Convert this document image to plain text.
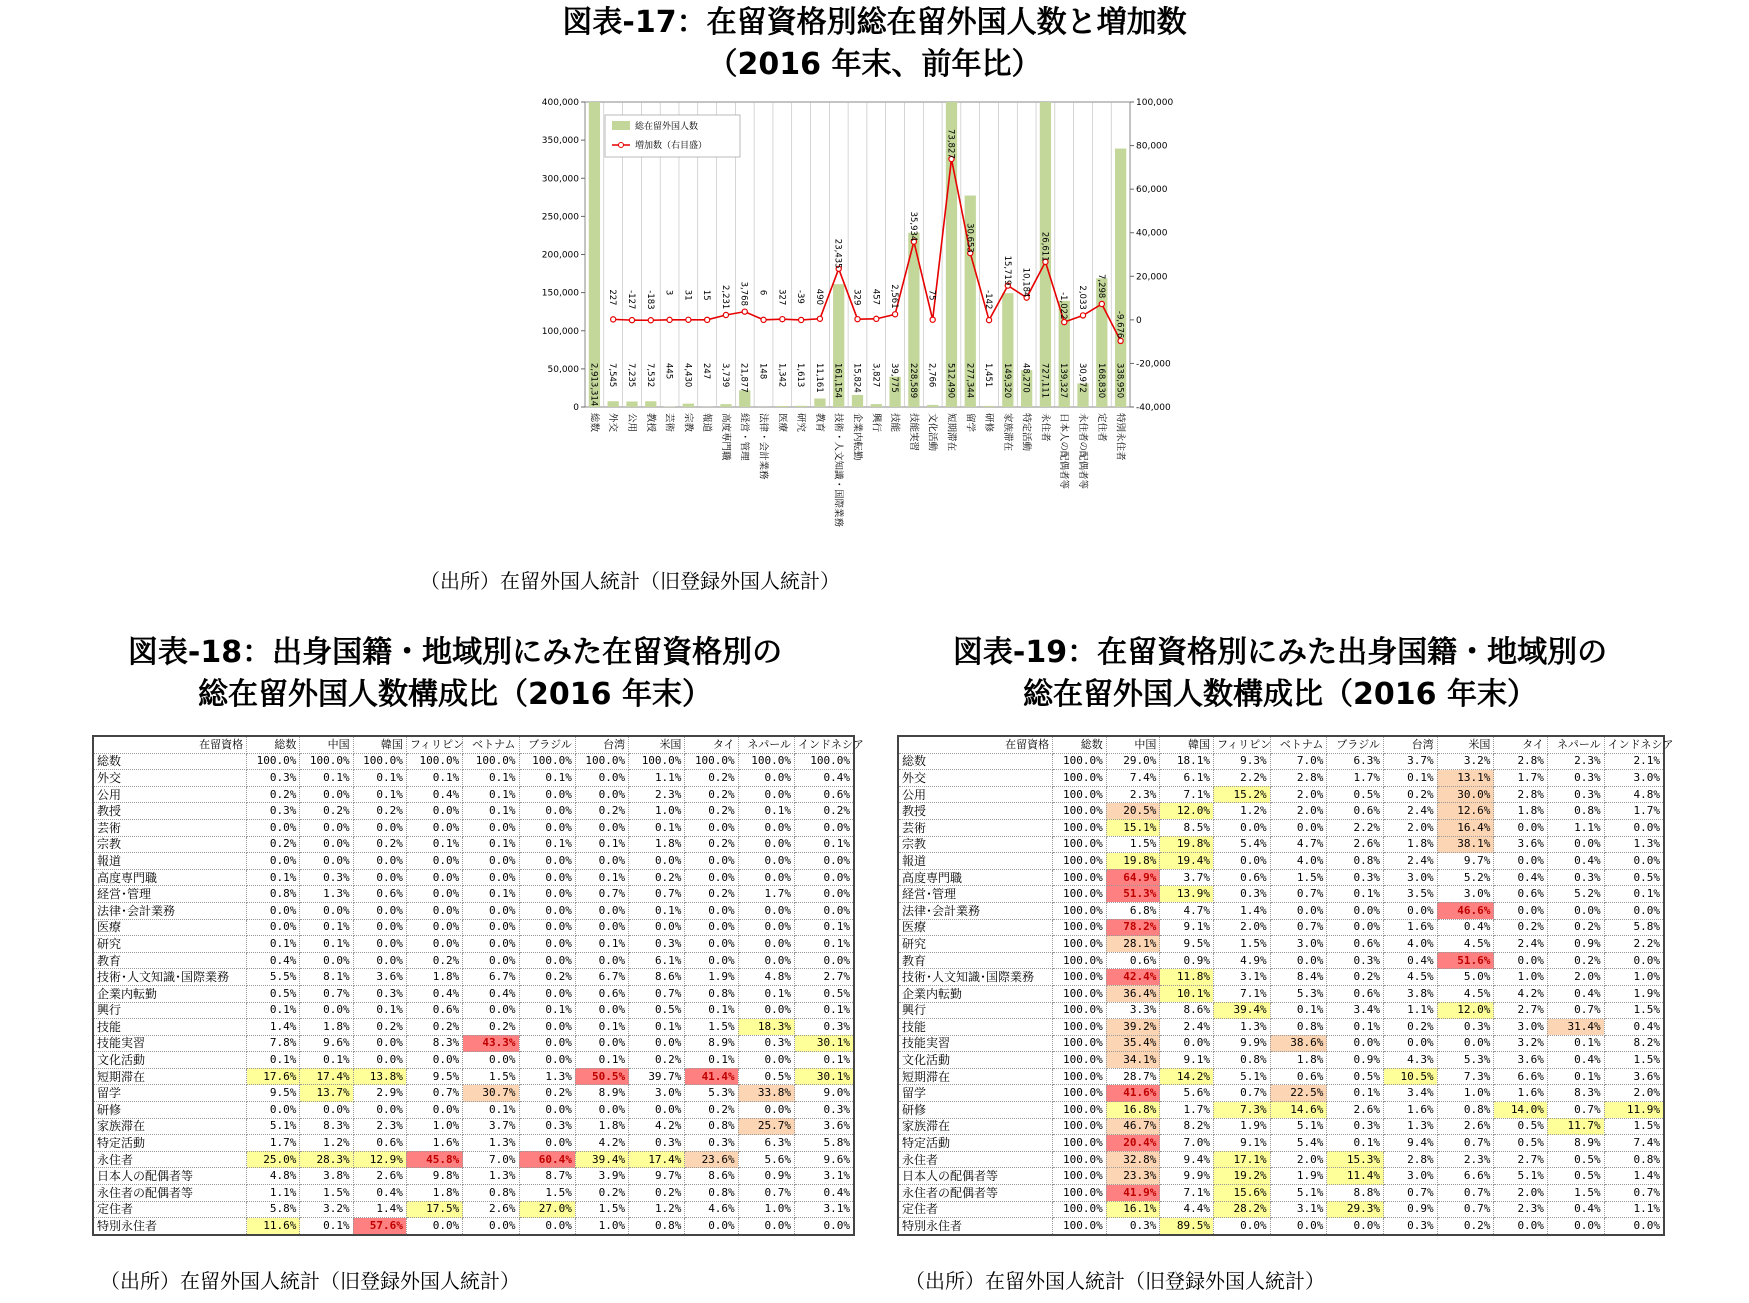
図表-17：在留資格別総在留外国人数と増加数
（2016 年末、前年比）
0
50,000
100,000
150,000
200,000
250,000
300,000
350,000
400,000
-40,000
-20,000
0
20,000
40,000
60,000
80,000
100,000
2,913,314 7,545 7,235 7,532 445 4,430 247 3,739 21,877 148 1,342 1,613 11,161 161,154 15,824 3,827 39,775 228,589 2,766 512,490 277,344 1,451 149,320 48,270 727,111 139,327 30,972 168,830 338,950
227 -127 -183 3 31 15 2,231 3,768 6 327 -39 490
23,435
329 457 2,561
35,934
75
73,827
30,653
-142
15,719 10,184
26,611
-1,022 2,033 7,298
-9,676
総数 外交 公用 教授 芸術 宗教 報道 高度専門職 経営・管理 法律・会計業務 医療 研究 教育 技術・人文知識・国際業務 企業内転勤 興行 技能 技能実習 文化活動 短期滞在 留学 研修 家族滞在 特定活動 永住者 日本人の配偶者等 永住者の配偶者等 定住者 特別永住者
総在留外国人数
増加数（右目盛）
（出所）在留外国人統計（旧登録外国人統計）
図表-18：出身国籍・地域別にみた在留資格別の
総在留外国人数構成比（2016 年末）
図表-19：在留資格別にみた出身国籍・地域別の
総在留外国人数構成比（2016 年末）
在留資格	総数	中国	韓国	フィリピン	ベトナム	ブラジル	台湾	米国	タイ	ネパール	インドネシア
総数	100.0%	100.0%	100.0%	100.0%	100.0%	100.0%	100.0%	100.0%	100.0%	100.0%	100.0%
外交	0.3%	0.1%	0.1%	0.1%	0.1%	0.1%	0.0%	1.1%	0.2%	0.0%	0.4%
公用	0.2%	0.0%	0.1%	0.4%	0.1%	0.0%	0.0%	2.3%	0.2%	0.0%	0.6%
教授	0.3%	0.2%	0.2%	0.0%	0.1%	0.0%	0.2%	1.0%	0.2%	0.1%	0.2%
芸術	0.0%	0.0%	0.0%	0.0%	0.0%	0.0%	0.0%	0.1%	0.0%	0.0%	0.0%
宗教	0.2%	0.0%	0.2%	0.1%	0.1%	0.1%	0.1%	1.8%	0.2%	0.0%	0.1%
報道	0.0%	0.0%	0.0%	0.0%	0.0%	0.0%	0.0%	0.0%	0.0%	0.0%	0.0%
高度専門職	0.1%	0.3%	0.0%	0.0%	0.0%	0.0%	0.1%	0.2%	0.0%	0.0%	0.0%
経営･管理	0.8%	1.3%	0.6%	0.0%	0.1%	0.0%	0.7%	0.7%	0.2%	1.7%	0.0%
法律･会計業務	0.0%	0.0%	0.0%	0.0%	0.0%	0.0%	0.0%	0.1%	0.0%	0.0%	0.0%
医療	0.0%	0.1%	0.0%	0.0%	0.0%	0.0%	0.0%	0.0%	0.0%	0.0%	0.1%
研究	0.1%	0.1%	0.0%	0.0%	0.0%	0.0%	0.1%	0.3%	0.0%	0.0%	0.1%
教育	0.4%	0.0%	0.0%	0.2%	0.0%	0.0%	0.0%	6.1%	0.0%	0.0%	0.0%
技術･人文知識･国際業務	5.5%	8.1%	3.6%	1.8%	6.7%	0.2%	6.7%	8.6%	1.9%	4.8%	2.7%
企業内転勤	0.5%	0.7%	0.3%	0.4%	0.4%	0.0%	0.6%	0.7%	0.8%	0.1%	0.5%
興行	0.1%	0.0%	0.1%	0.6%	0.0%	0.1%	0.0%	0.5%	0.1%	0.0%	0.1%
技能	1.4%	1.8%	0.2%	0.2%	0.2%	0.0%	0.1%	0.1%	1.5%	18.3%	0.3%
技能実習	7.8%	9.6%	0.0%	8.3%	43.3%	0.0%	0.0%	0.0%	8.9%	0.3%	30.1%
文化活動	0.1%	0.1%	0.0%	0.0%	0.0%	0.0%	0.1%	0.2%	0.1%	0.0%	0.1%
短期滞在	17.6%	17.4%	13.8%	9.5%	1.5%	1.3%	50.5%	39.7%	41.4%	0.5%	30.1%
留学	9.5%	13.7%	2.9%	0.7%	30.7%	0.2%	8.9%	3.0%	5.3%	33.8%	9.0%
研修	0.0%	0.0%	0.0%	0.0%	0.1%	0.0%	0.0%	0.0%	0.2%	0.0%	0.3%
家族滞在	5.1%	8.3%	2.3%	1.0%	3.7%	0.3%	1.8%	4.2%	0.8%	25.7%	3.6%
特定活動	1.7%	1.2%	0.6%	1.6%	1.3%	0.0%	4.2%	0.3%	0.3%	6.3%	5.8%
永住者	25.0%	28.3%	12.9%	45.8%	7.0%	60.4%	39.4%	17.4%	23.6%	5.6%	9.6%
日本人の配偶者等	4.8%	3.8%	2.6%	9.8%	1.3%	8.7%	3.9%	9.7%	8.6%	0.9%	3.1%
永住者の配偶者等	1.1%	1.5%	0.4%	1.8%	0.8%	1.5%	0.2%	0.2%	0.8%	0.7%	0.4%
定住者	5.8%	3.2%	1.4%	17.5%	2.6%	27.0%	1.5%	1.2%	4.6%	1.0%	3.1%
特別永住者	11.6%	0.1%	57.6%	0.0%	0.0%	0.0%	1.0%	0.8%	0.0%	0.0%	0.0%
在留資格	総数	中国	韓国	フィリピン	ベトナム	ブラジル	台湾	米国	タイ	ネパール	インドネシア
総数	100.0%	29.0%	18.1%	9.3%	7.0%	6.3%	3.7%	3.2%	2.8%	2.3%	2.1%
外交	100.0%	7.4%	6.1%	2.2%	2.8%	1.7%	0.1%	13.1%	1.7%	0.3%	3.0%
公用	100.0%	2.3%	7.1%	15.2%	2.0%	0.5%	0.2%	30.0%	2.8%	0.3%	4.8%
教授	100.0%	20.5%	12.0%	1.2%	2.0%	0.6%	2.4%	12.6%	1.8%	0.8%	1.7%
芸術	100.0%	15.1%	8.5%	0.0%	0.0%	2.2%	2.0%	16.4%	0.0%	1.1%	0.0%
宗教	100.0%	1.5%	19.8%	5.4%	4.7%	2.6%	1.8%	38.1%	3.6%	0.0%	1.3%
報道	100.0%	19.8%	19.4%	0.0%	4.0%	0.8%	2.4%	9.7%	0.0%	0.4%	0.0%
高度専門職	100.0%	64.9%	3.7%	0.6%	1.5%	0.3%	3.0%	5.2%	0.4%	0.3%	0.5%
経営･管理	100.0%	51.3%	13.9%	0.3%	0.7%	0.1%	3.5%	3.0%	0.6%	5.2%	0.1%
法律･会計業務	100.0%	6.8%	4.7%	1.4%	0.0%	0.0%	0.0%	46.6%	0.0%	0.0%	0.0%
医療	100.0%	78.2%	9.1%	2.0%	0.7%	0.0%	1.6%	0.4%	0.2%	0.2%	5.8%
研究	100.0%	28.1%	9.5%	1.5%	3.0%	0.6%	4.0%	4.5%	2.4%	0.9%	2.2%
教育	100.0%	0.6%	0.9%	4.9%	0.0%	0.3%	0.4%	51.6%	0.0%	0.2%	0.0%
技術･人文知識･国際業務	100.0%	42.4%	11.8%	3.1%	8.4%	0.2%	4.5%	5.0%	1.0%	2.0%	1.0%
企業内転勤	100.0%	36.4%	10.1%	7.1%	5.3%	0.6%	3.8%	4.5%	4.2%	0.4%	1.9%
興行	100.0%	3.3%	8.6%	39.4%	0.1%	3.4%	1.1%	12.0%	2.7%	0.7%	1.5%
技能	100.0%	39.2%	2.4%	1.3%	0.8%	0.1%	0.2%	0.3%	3.0%	31.4%	0.4%
技能実習	100.0%	35.4%	0.0%	9.9%	38.6%	0.0%	0.0%	0.0%	3.2%	0.1%	8.2%
文化活動	100.0%	34.1%	9.1%	0.8%	1.8%	0.9%	4.3%	5.3%	3.6%	0.4%	1.5%
短期滞在	100.0%	28.7%	14.2%	5.1%	0.6%	0.5%	10.5%	7.3%	6.6%	0.1%	3.6%
留学	100.0%	41.6%	5.6%	0.7%	22.5%	0.1%	3.4%	1.0%	1.6%	8.3%	2.0%
研修	100.0%	16.8%	1.7%	7.3%	14.6%	2.6%	1.6%	0.8%	14.0%	0.7%	11.9%
家族滞在	100.0%	46.7%	8.2%	1.9%	5.1%	0.3%	1.3%	2.6%	0.5%	11.7%	1.5%
特定活動	100.0%	20.4%	7.0%	9.1%	5.4%	0.1%	9.4%	0.7%	0.5%	8.9%	7.4%
永住者	100.0%	32.8%	9.4%	17.1%	2.0%	15.3%	2.8%	2.3%	2.7%	0.5%	0.8%
日本人の配偶者等	100.0%	23.3%	9.9%	19.2%	1.9%	11.4%	3.0%	6.6%	5.1%	0.5%	1.4%
永住者の配偶者等	100.0%	41.9%	7.1%	15.6%	5.1%	8.8%	0.7%	0.7%	2.0%	1.5%	0.7%
定住者	100.0%	16.1%	4.4%	28.2%	3.1%	29.3%	0.9%	0.7%	2.3%	0.4%	1.1%
特別永住者	100.0%	0.3%	89.5%	0.0%	0.0%	0.0%	0.3%	0.2%	0.0%	0.0%	0.0%
（出所）在留外国人統計（旧登録外国人統計）	（出所）在留外国人統計（旧登録外国人統計）
